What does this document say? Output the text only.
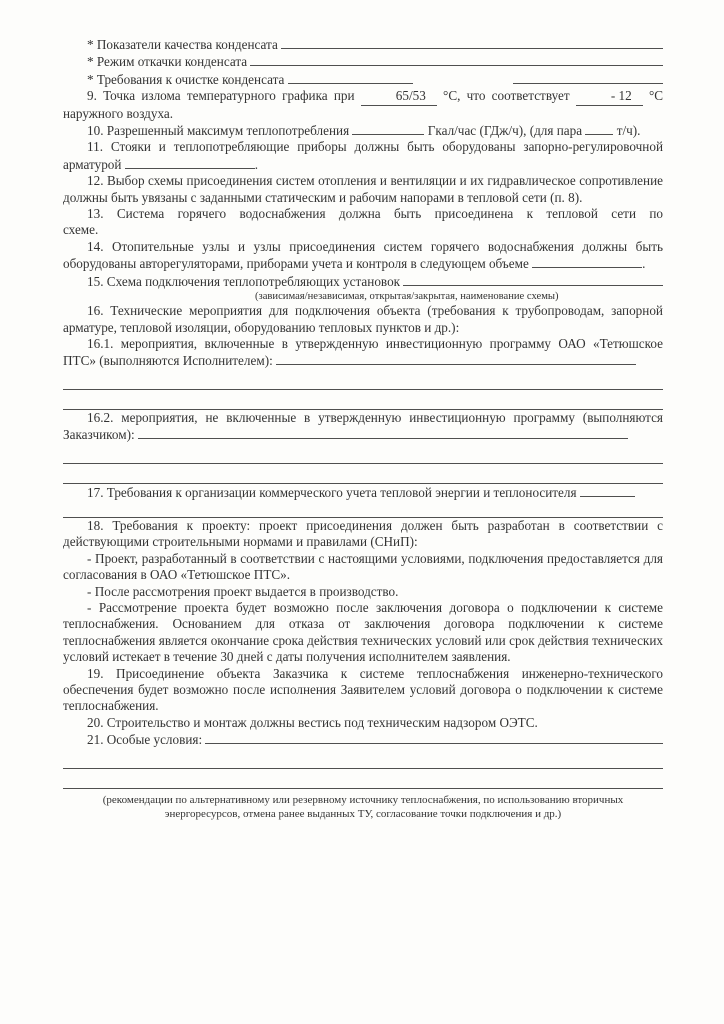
* Показатели качества конденсата

* Режим откачки конденсата

* Требования к очистке конденсата

9. Точка излома температурного графика при	65/53 °С, что соответствует	- 12 °С наружного воздуха.

10. Разрешенный максимум теплопотребления	Гкал/час (ГДж/ч), (для пара	т/ч).

11. Стояки и теплопотребляющие приборы должны быть оборудованы запорно-регулировочной арматурой	.

12. Выбор схемы присоединения систем отопления и вентиляции и их гидравлическое сопротивление должны быть увязаны с заданными статическим и рабочим напорами в тепловой сети (п. 8).

13. Система горячего водоснабжения должна быть присоединена к тепловой сети по схеме.

14. Отопительные узлы и узлы присоединения систем горячего водоснабжения должны быть оборудованы авторегуляторами, приборами учета и контроля в следующем объеме	.

15. Схема подключения теплопотребляющих установок

(зависимая/независимая, открытая/закрытая, наименование схемы)

16. Технические мероприятия для подключения объекта (требования к трубопроводам, запорной арматуре, тепловой изоляции, оборудованию тепловых пунктов и др.):

16.1. мероприятия, включенные в утвержденную инвестиционную программу ОАО «Тетюшское ПТС» (выполняются Исполнителем):

16.2. мероприятия, не включенные в утвержденную инвестиционную программу (выполняются Заказчиком):

17. Требования к организации коммерческого учета тепловой энергии и теплоносителя

18. Требования к проекту: проект присоединения должен быть разработан в соответствии с действующими строительными нормами и правилами (СНиП):

- Проект, разработанный в соответствии с настоящими условиями, подключения предоставляется для согласования в ОАО «Тетюшское ПТС».

- После рассмотрения проект выдается в производство.

- Рассмотрение проекта будет возможно после заключения договора о подключении к системе теплоснабжения. Основанием для отказа от заключения договора подключении к системе теплоснабжения является окончание срока действия технических условий или срок действия технических условий истекает в течение 30 дней с даты получения исполнителем заявления.

19. Присоединение объекта Заказчика к системе теплоснабжения инженерно-технического обеспечения будет возможно после исполнения Заявителем условий договора о подключении к системе теплоснабжения.

20. Строительство и монтаж должны вестись под техническим надзором ОЭТС.

21. Особые условия:

(рекомендации по альтернативному или резервному источнику теплоснабжения, по использованию вторичных энергоресурсов, отмена ранее выданных ТУ, согласование точки подключения и др.)
